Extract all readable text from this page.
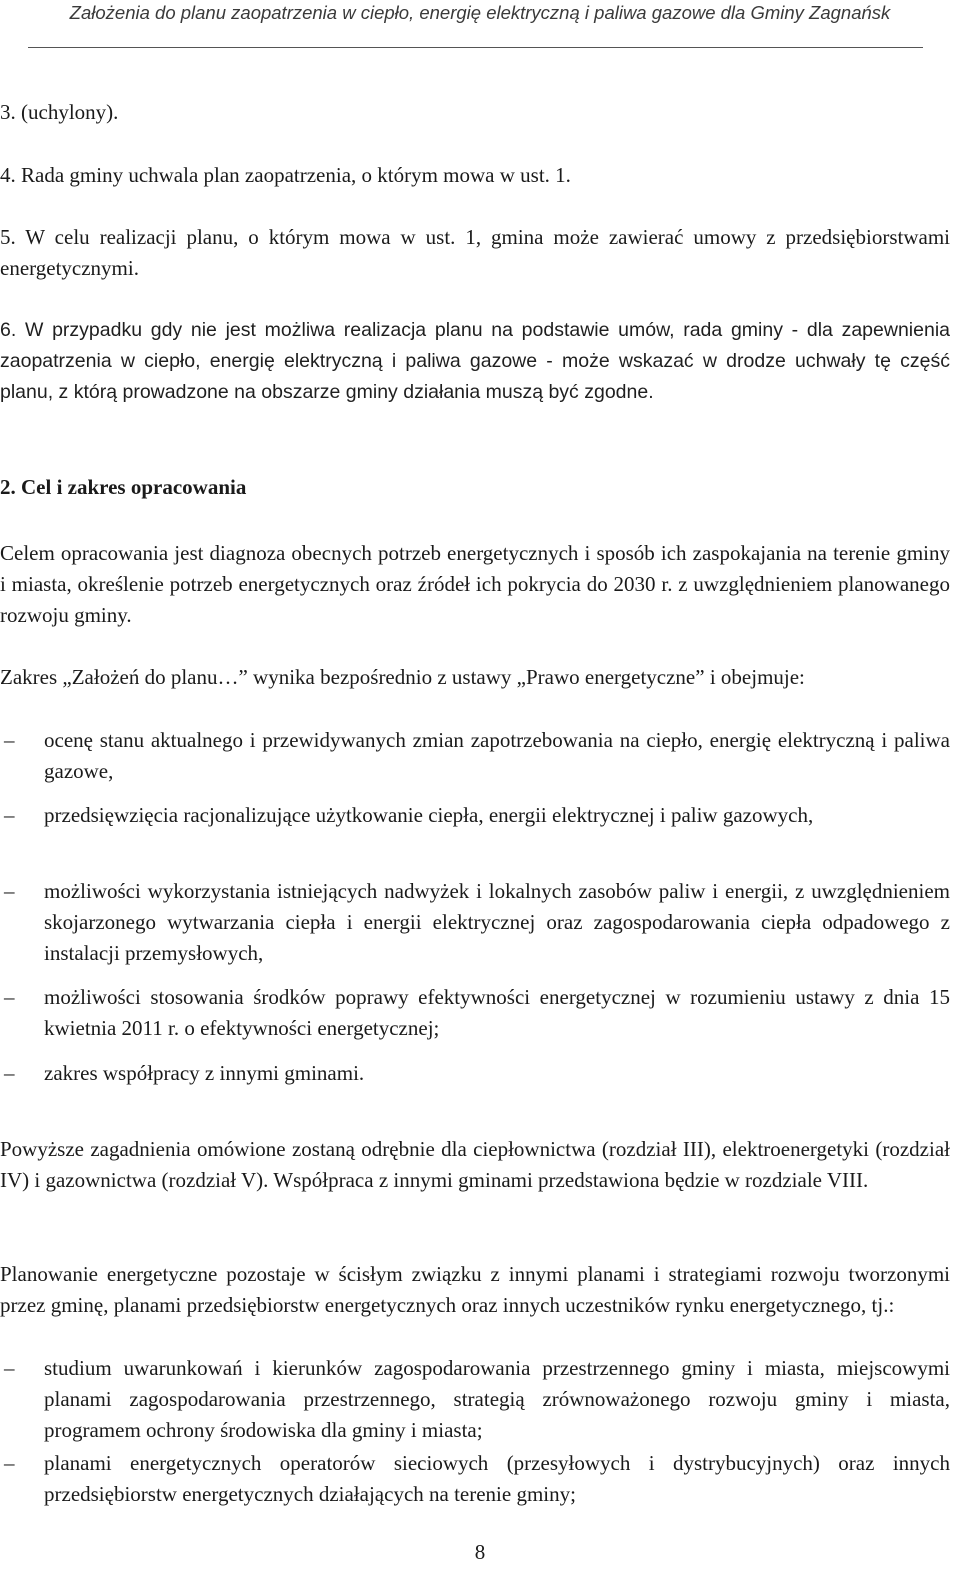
Założenia do planu zaopatrzenia w ciepło, energię elektryczną i paliwa gazowe dla Gminy Zagnańsk

3. (uchylony).

4. Rada gminy uchwala plan zaopatrzenia, o którym mowa w ust. 1.

5. W celu realizacji planu, o którym mowa w ust. 1, gmina może zawierać umowy z przedsiębiorstwami energetycznymi.

6. W przypadku gdy nie jest możliwa realizacja planu na podstawie umów, rada gminy - dla zapewnienia zaopatrzenia w ciepło, energię elektryczną i paliwa gazowe - może wskazać w drodze uchwały tę część planu, z którą prowadzone na obszarze gminy działania muszą być zgodne.

2. Cel i zakres opracowania

Celem opracowania jest diagnoza obecnych potrzeb energetycznych i sposób ich zaspokajania na terenie gminy i miasta, określenie potrzeb energetycznych oraz źródeł ich pokrycia do 2030 r. z uwzględnieniem planowanego rozwoju gminy.

Zakres „Założeń do planu…” wynika bezpośrednio z ustawy „Prawo energetyczne” i obejmuje:

–	ocenę stanu aktualnego i przewidywanych zmian zapotrzebowania na ciepło, energię elektryczną i paliwa gazowe,
–	przedsięwzięcia racjonalizujące użytkowanie ciepła, energii elektrycznej i paliw gazowych,
–	możliwości wykorzystania istniejących nadwyżek i lokalnych zasobów paliw i energii, z uwzględnieniem skojarzonego wytwarzania ciepła i energii elektrycznej oraz zagospodarowania ciepła odpadowego z instalacji przemysłowych,
–	możliwości stosowania środków poprawy efektywności energetycznej w rozumieniu ustawy z dnia 15 kwietnia 2011 r. o efektywności energetycznej;
–	zakres współpracy z innymi gminami.

Powyższe zagadnienia omówione zostaną odrębnie dla ciepłownictwa (rozdział III), elektroenergetyki (rozdział IV) i gazownictwa (rozdział V). Współpraca z innymi gminami przedstawiona będzie w rozdziale VIII.

Planowanie energetyczne pozostaje w ścisłym związku z innymi planami i strategiami rozwoju tworzonymi przez gminę, planami przedsiębiorstw energetycznych oraz innych uczestników rynku energetycznego, tj.:

–	studium uwarunkowań i kierunków zagospodarowania przestrzennego gminy i miasta, miejscowymi planami zagospodarowania przestrzennego, strategią zrównoważonego rozwoju gminy i miasta, programem ochrony środowiska dla gminy i miasta;
–	planami energetycznych operatorów sieciowych (przesyłowych i dystrybucyjnych) oraz innych przedsiębiorstw energetycznych działających na terenie gminy;
8
